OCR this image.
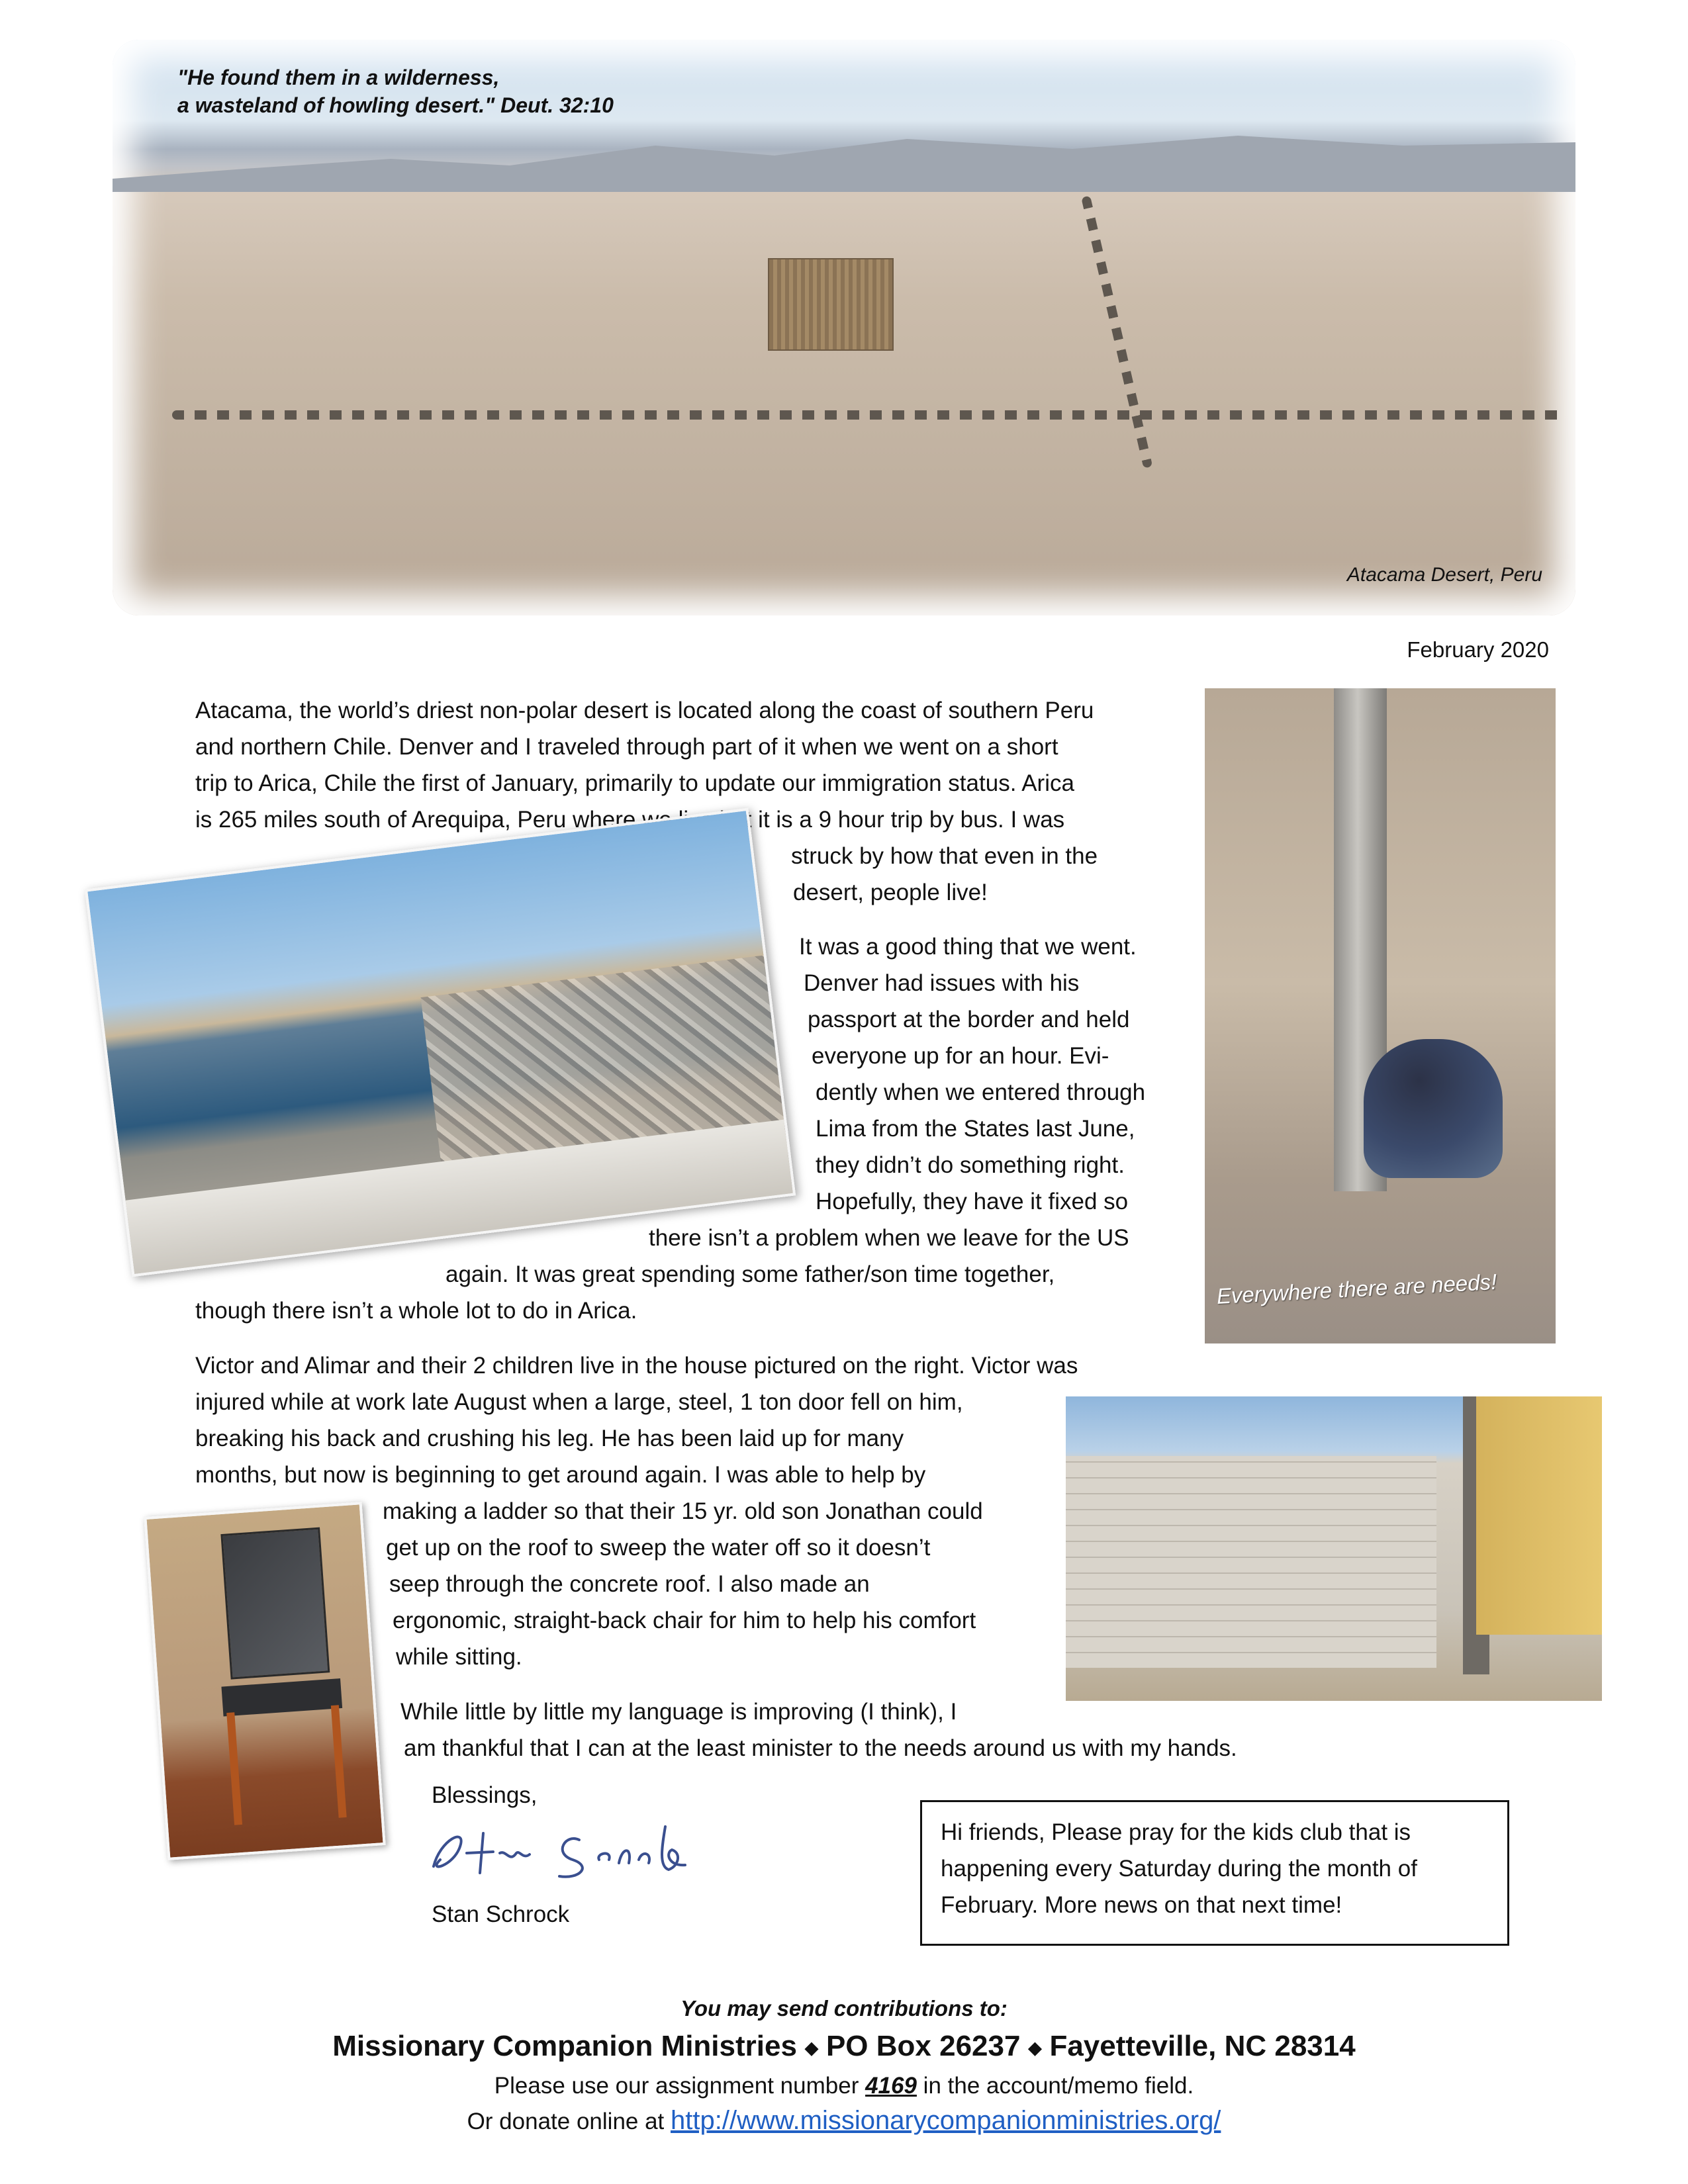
"He found them in a wilderness,
a wasteland of howling desert." Deut. 32:10
Atacama Desert, Peru
February 2020
Atacama, the world’s driest non-polar desert is located along the coast of southern Peru
and northern Chile. Denver and I traveled through part of it when we went on a short
trip to Arica, Chile the first of January, primarily to update our immigration status. Arica
is 265 miles south of Arequipa, Peru where we live but it is a 9 hour trip by bus. I was
struck by how that even in the
desert, people live!
It was a good thing that we went.
Denver had issues with his
passport at the border and held
everyone up for an hour. Evi-
dently when we entered through
Lima from the States last June,
they didn’t do something right.
Hopefully, they have it fixed so
there isn’t a problem when we leave for the US
again. It was great spending some father/son time together,
though there isn’t a whole lot to do in Arica.
Victor and Alimar and their 2 children live in the house pictured on the right. Victor was
injured while at work late August when a large, steel, 1 ton door fell on him,
breaking his back and crushing his leg. He has been laid up for many
months, but now is beginning to get around again. I was able to help by
making a ladder so that their 15 yr. old son Jonathan could
get up on the roof to sweep the water off so it doesn’t
seep through the concrete roof. I also made an
ergonomic, straight-back chair for him to help his comfort
while sitting.
While little by little my language is improving (I think), I
am thankful that I can at the least minister to the needs around us with my hands.
Everywhere there are needs!
Blessings,
Stan Schrock
Hi friends, Please pray for the kids club that is
happening every Saturday during the month of
February. More news on that next time!
You may send contributions to:
Missionary Companion Ministries ◆ PO Box 26237 ◆ Fayetteville, NC 28314
Please use our assignment number 4169 in the account/memo field.
Or donate online at http://www.missionarycompanionministries.org/
